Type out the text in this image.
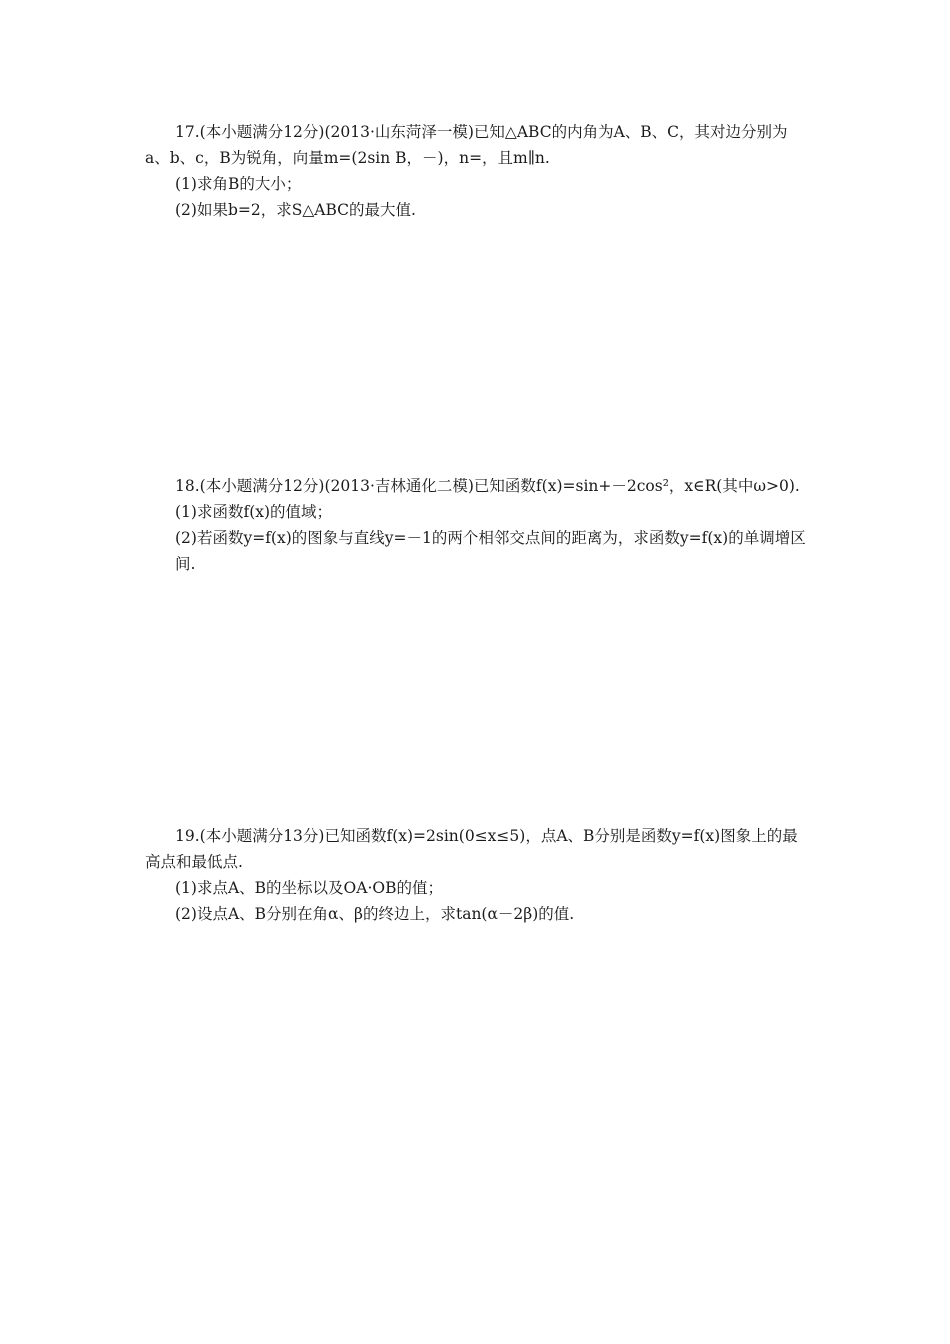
17.(本小题满分12分)(2013·山东菏泽一模)已知△ABC的内角为A、B、C，其对边分别为a、b、c，B为锐角，向量m=(2sin B，－)，n=，且m∥n.

(1)求角B的大小；

(2)如果b=2，求S△ABC的最大值.

18.(本小题满分12分)(2013·吉林通化二模)已知函数f(x)=sin+－2cos²，x∈R(其中ω>0).

(1)求函数f(x)的值域；

(2)若函数y=f(x)的图象与直线y=－1的两个相邻交点间的距离为，求函数y=f(x)的单调增区间.

19.(本小题满分13分)已知函数f(x)=2sin(0≤x≤5)，点A、B分别是函数y=f(x)图象上的最高点和最低点.

(1)求点A、B的坐标以及OA·OB的值；

(2)设点A、B分别在角α、β的终边上，求tan(α－2β)的值.
